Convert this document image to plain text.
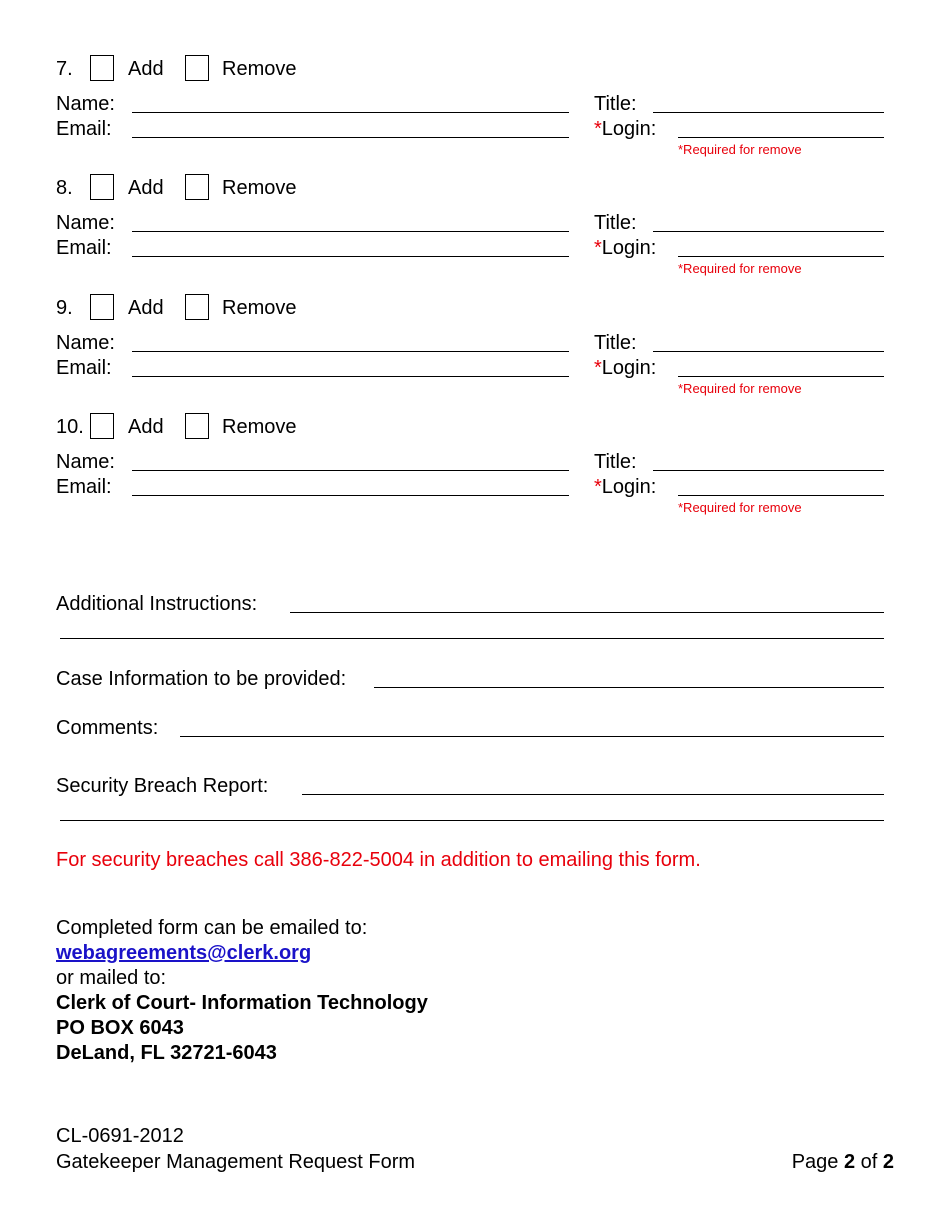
7.	Add	Remove
Name:
Email:
Title:
*Login:
*Required for remove
8.	Add	Remove
Name:
Email:
Title:
*Login:
*Required for remove
9.	Add	Remove
Name:
Email:
Title:
*Login:
*Required for remove
10. Add	Remove
Name:
Email:
Title:
*Login:
*Required for remove
Additional Instructions:
Case Information to be provided:
Comments:
Security Breach Report:
For security breaches call 386-822-5004 in addition to emailing this form.
Completed form can be emailed to:
webagreements@clerk.org
or mailed to:
Clerk of Court- Information Technology
PO BOX 6043
DeLand, FL 32721-6043
CL-0691-2012
Gatekeeper Management Request Form	Page 2 of 2
